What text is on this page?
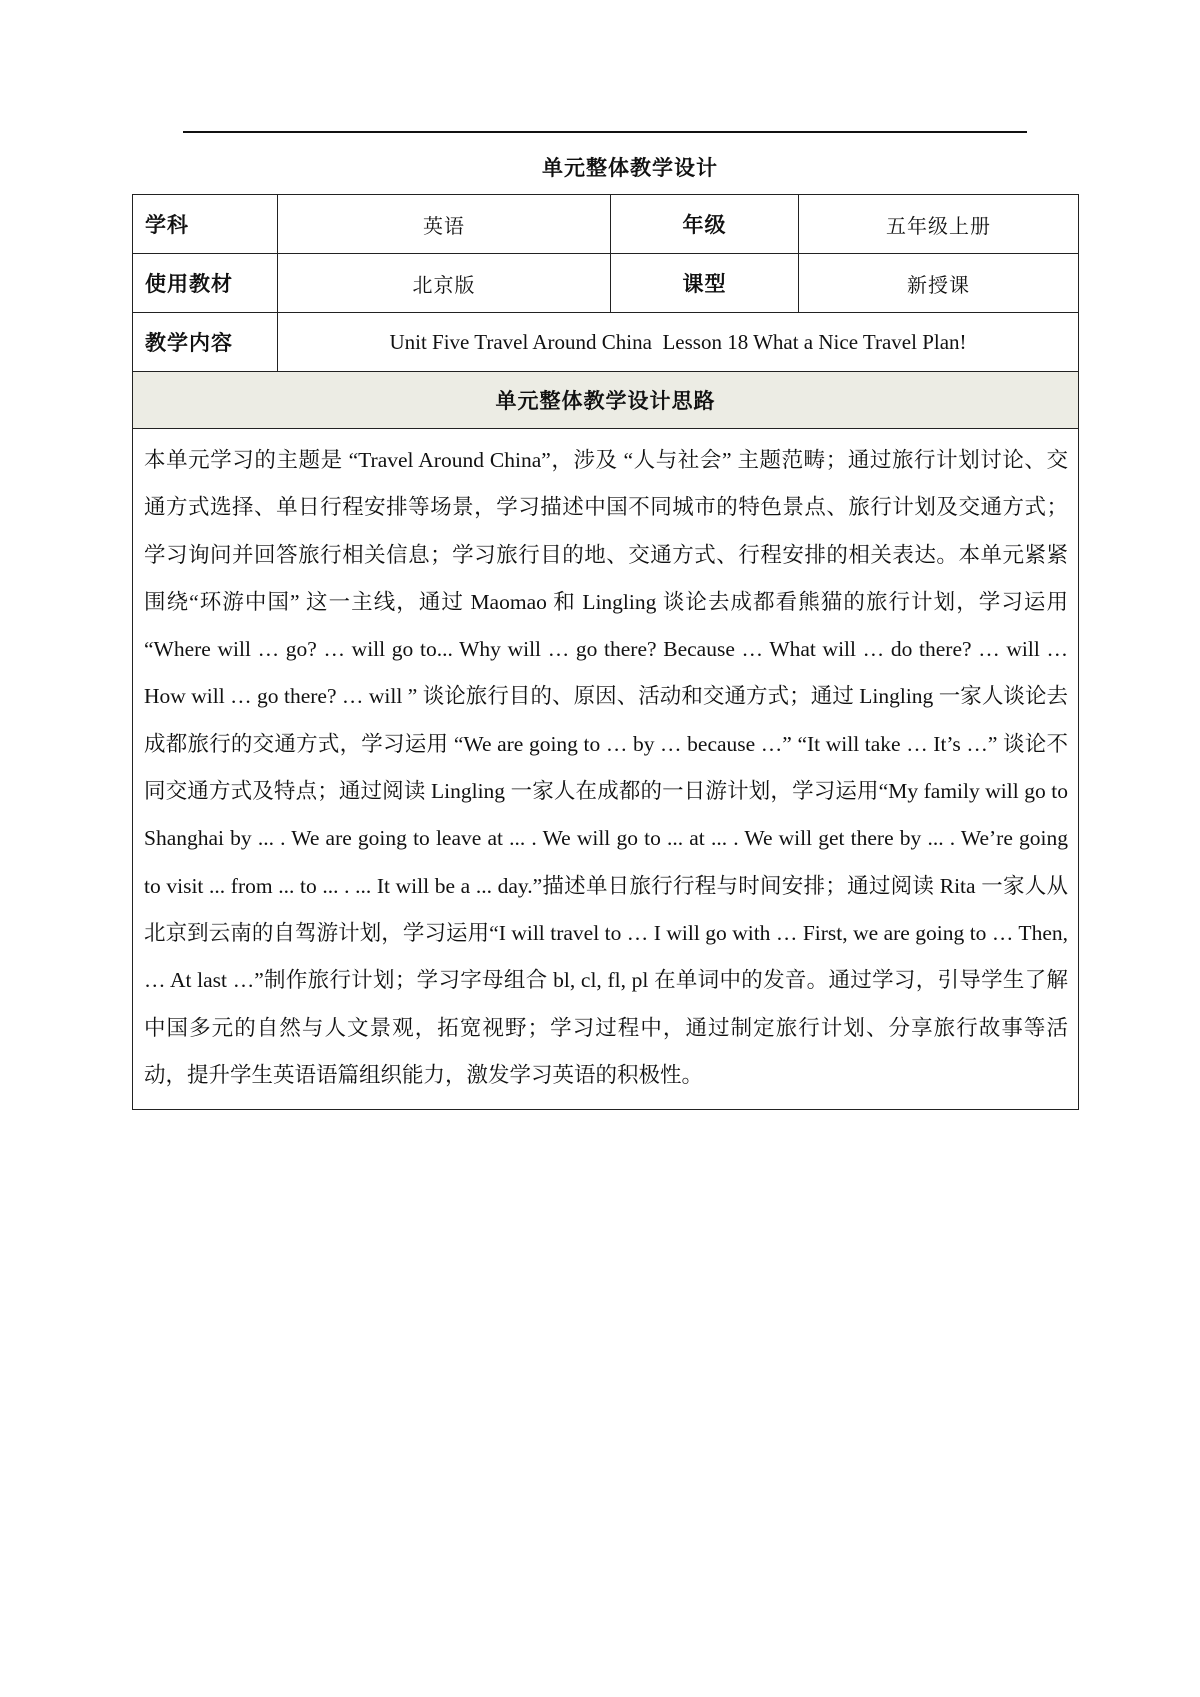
单元整体教学设计
学科	英语	年级	五年级上册
使用教材	北京版	课型	新授课
教学内容	Unit Five Travel Around China  Lesson 18 What a Nice Travel Plan!		
单元整体教学设计思路			

本单元学习的主题是 “Travel Around China”，涉及 “人与社会” 主题范畴；通过旅行计划讨论、交通方式选择、单日行程安排等场景，学习描述中国不同城市的特色景点、旅行计划及交通方式；学习询问并回答旅行相关信息；学习旅行目的地、交通方式、行程安排的相关表达。本单元紧紧围绕“环游中国” 这一主线，通过 Maomao 和 Lingling 谈论去成都看熊猫的旅行计划，学习运用 “Where will … go? … will go to... Why will … go there? Because … What will … do there? … will … How will … go there? … will ” 谈论旅行目的、原因、活动和交通方式；通过 Lingling 一家人谈论去成都旅行的交通方式，学习运用 “We are going to … by … because …” “It will take … It’s …” 谈论不同交通方式及特点；通过阅读 Lingling 一家人在成都的一日游计划，学习运用“My family will go to Shanghai by ... . We are going to leave at ... . We will go to ... at ... . We will get there by ... . We’re going to visit ... from ... to ... . ... It will be a ... day.”描述单日旅行行程与时间安排；通过阅读 Rita 一家人从北京到云南的自驾游计划，学习运用“I will travel to … I will go with … First, we are going to … Then, … At last …”制作旅行计划；学习字母组合 bl, cl, fl, pl 在单词中的发音。通过学习，引导学生了解中国多元的自然与人文景观，拓宽视野；学习过程中，通过制定旅行计划、分享旅行故事等活动，提升学生英语语篇组织能力，激发学习英语的积极性。			
